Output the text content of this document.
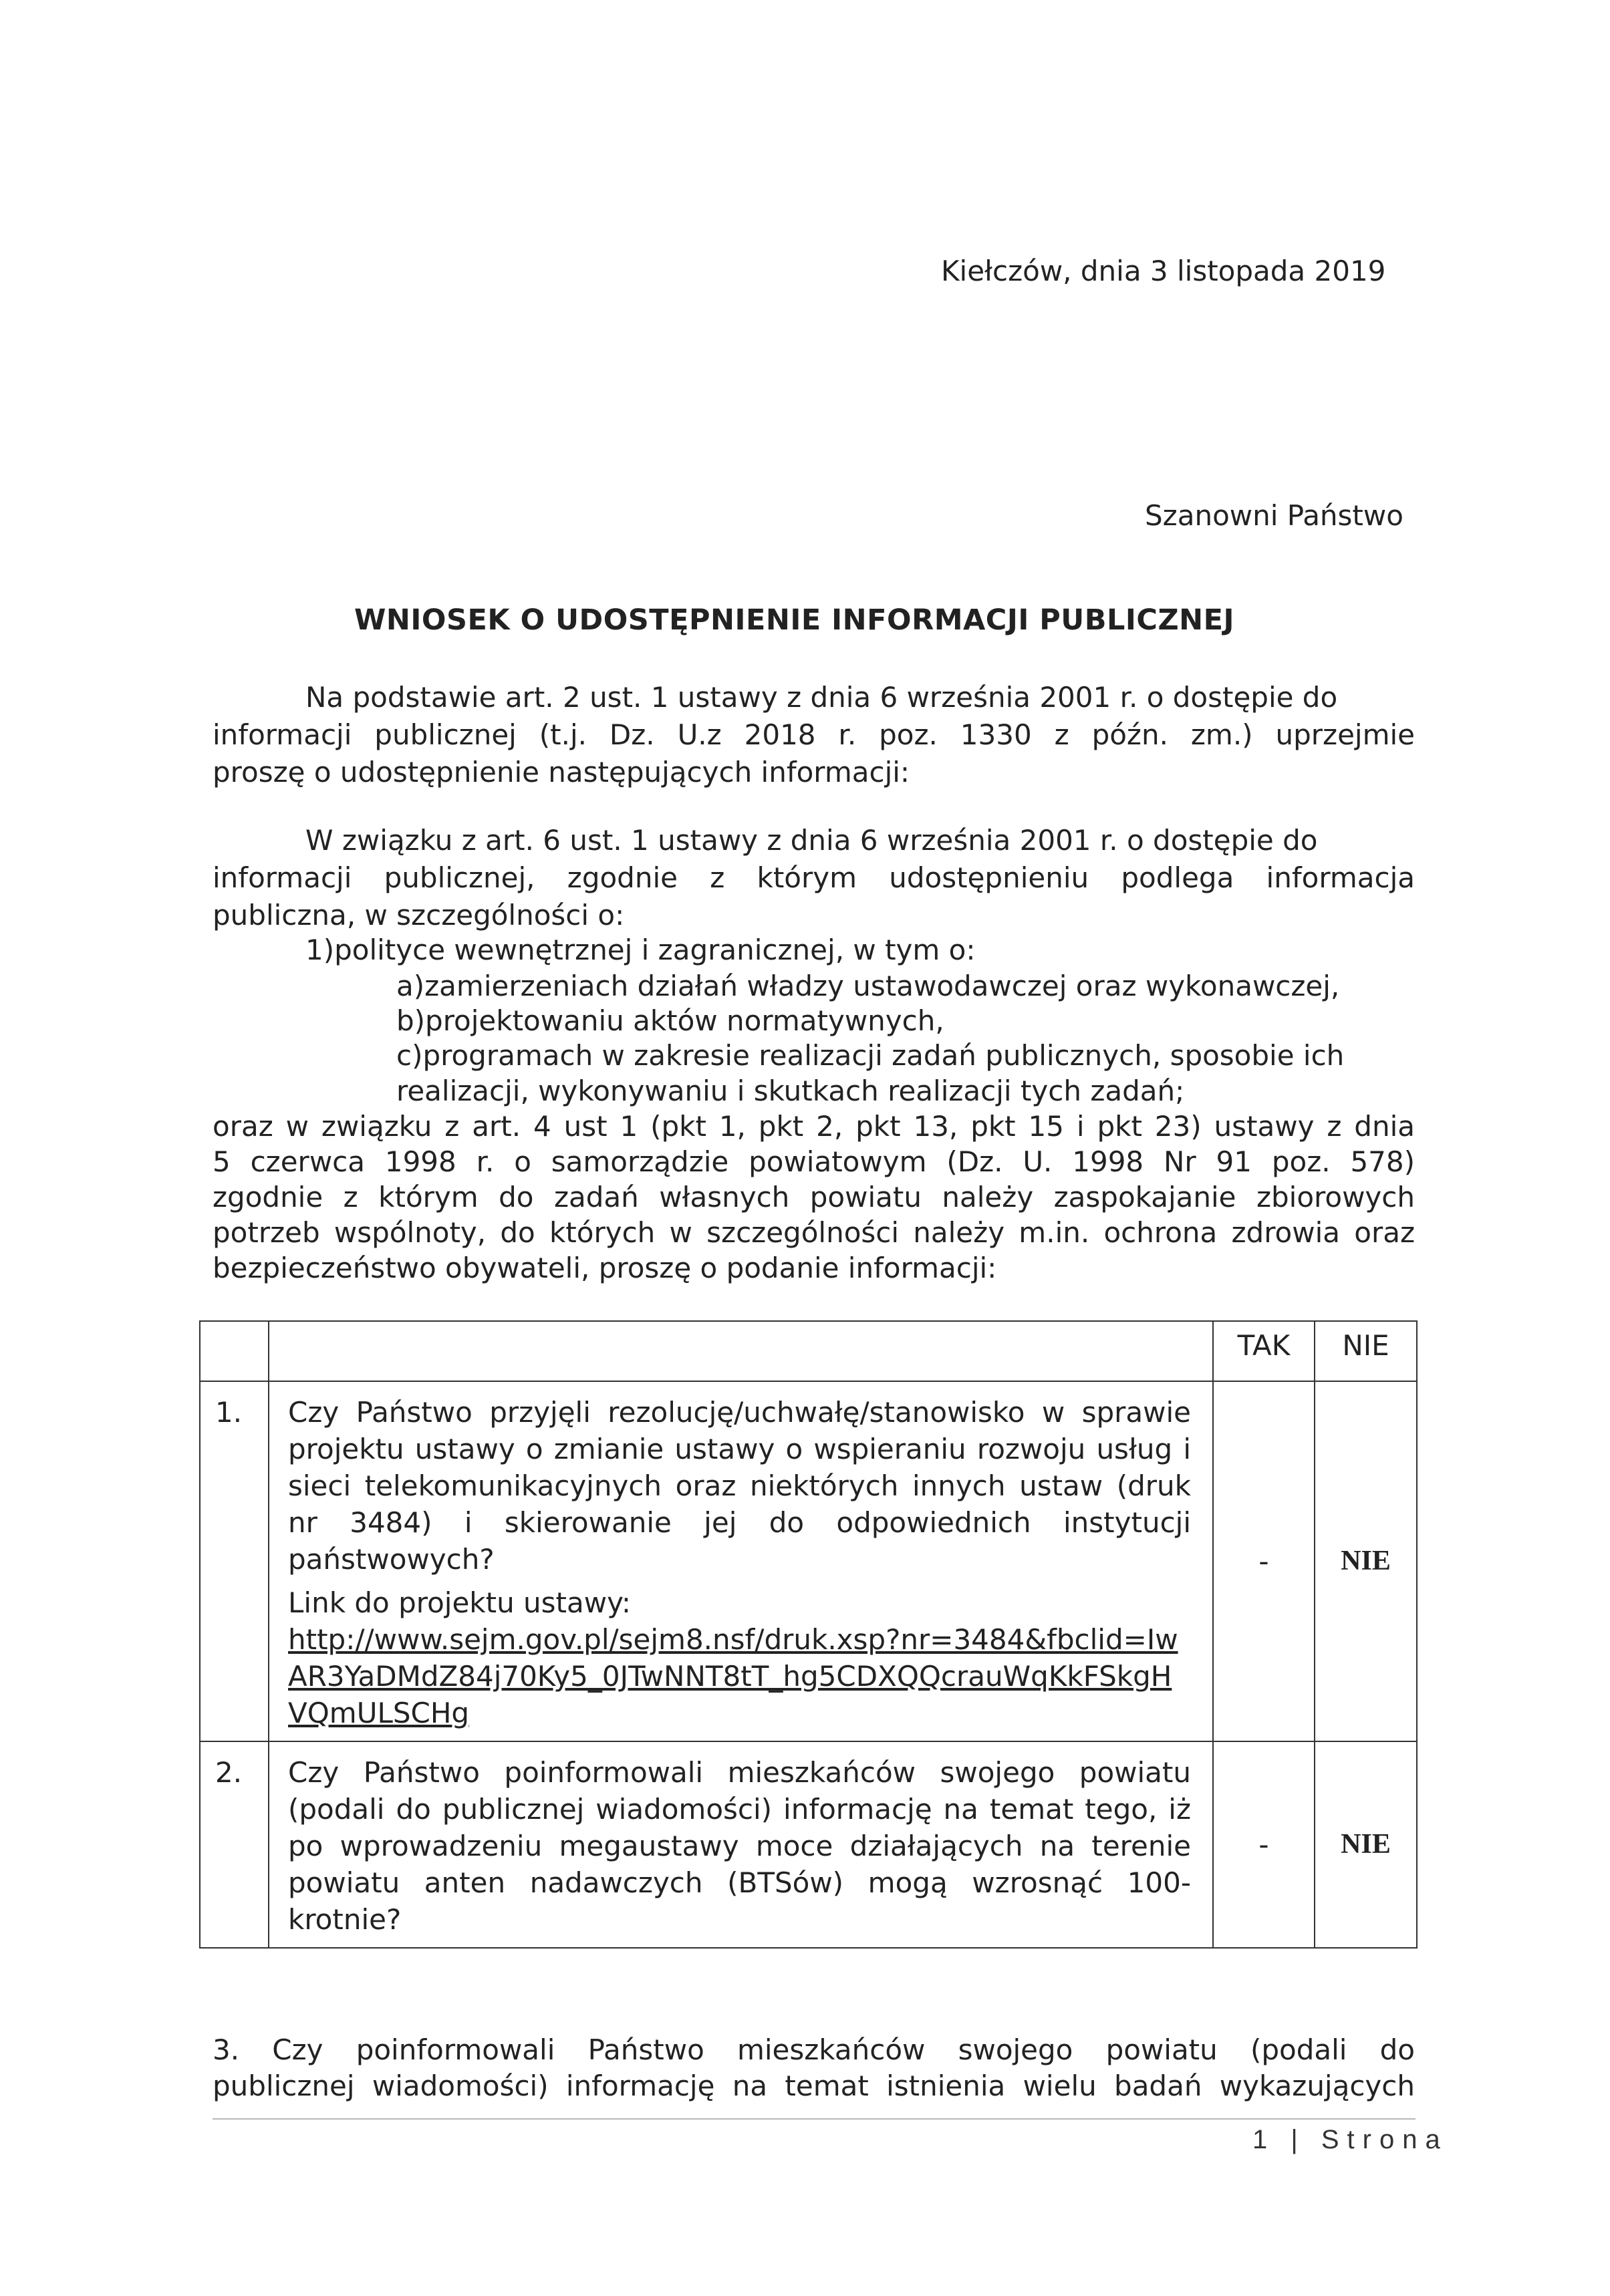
Kiełczów, dnia 3 listopada 2019
Szanowni Państwo
WNIOSEK O UDOSTĘPNIENIE INFORMACJI PUBLICZNEJ
Na podstawie art. 2 ust. 1 ustawy z dnia 6 września 2001 r. o dostępie do
informacji publicznej (t.j. Dz. U.z 2018 r. poz. 1330 z późn. zm.) uprzejmie
proszę o udostępnienie następujących informacji:
W związku z art. 6 ust. 1 ustawy z dnia 6 września 2001 r. o dostępie do
informacji publicznej, zgodnie z którym udostępnieniu podlega informacja
publiczna, w szczególności o:
1)polityce wewnętrznej i zagranicznej, w tym o:
a)zamierzeniach działań władzy ustawodawczej oraz wykonawczej,
b)projektowaniu aktów normatywnych,
c)programach w zakresie realizacji zadań publicznych, sposobie ich
realizacji, wykonywaniu i skutkach realizacji tych zadań;
oraz w związku z art. 4 ust 1 (pkt 1, pkt 2, pkt 13, pkt 15 i pkt 23) ustawy z dnia
5 czerwca 1998 r. o samorządzie powiatowym (Dz. U. 1998 Nr 91 poz. 578)
zgodnie z którym do zadań własnych powiatu należy zaspokajanie zbiorowych
potrzeb wspólnoty, do których w szczególności należy m.in. ochrona zdrowia oraz
bezpieczeństwo obywateli, proszę o podanie informacji:
		TAK	NIE
1.	Czy Państwo przyjęli rezolucję/uchwałę/stanowisko w sprawie projektu ustawy o zmianie ustawy o wspieraniu rozwoju usług i sieci telekomunikacyjnych oraz niektórych innych ustaw (druk nr 3484) i skierowanie jej do odpowiednich instytucji państwowych?

Link do projektu ustawy:

http://www.sejm.gov.pl/sejm8.nsf/druk.xsp?nr=3484&fbclid=IwAR3YaDMdZ84j70Ky5_0JTwNNT8tT_hg5CDXQQcrauWqKkFSkgHVQmULSCHg	-	NIE
2.	Czy Państwo poinformowali mieszkańców swojego powiatu (podali do publicznej wiadomości) informację na temat tego, iż po wprowadzeniu megaustawy moce działających na terenie powiatu anten nadawczych (BTSów) mogą wzrosnąć 100-krotnie?	-	NIE
3. Czy poinformowali Państwo mieszkańców swojego powiatu (podali do
publicznej wiadomości) informację na temat istnienia wielu badań wykazujących
1 | Strona
